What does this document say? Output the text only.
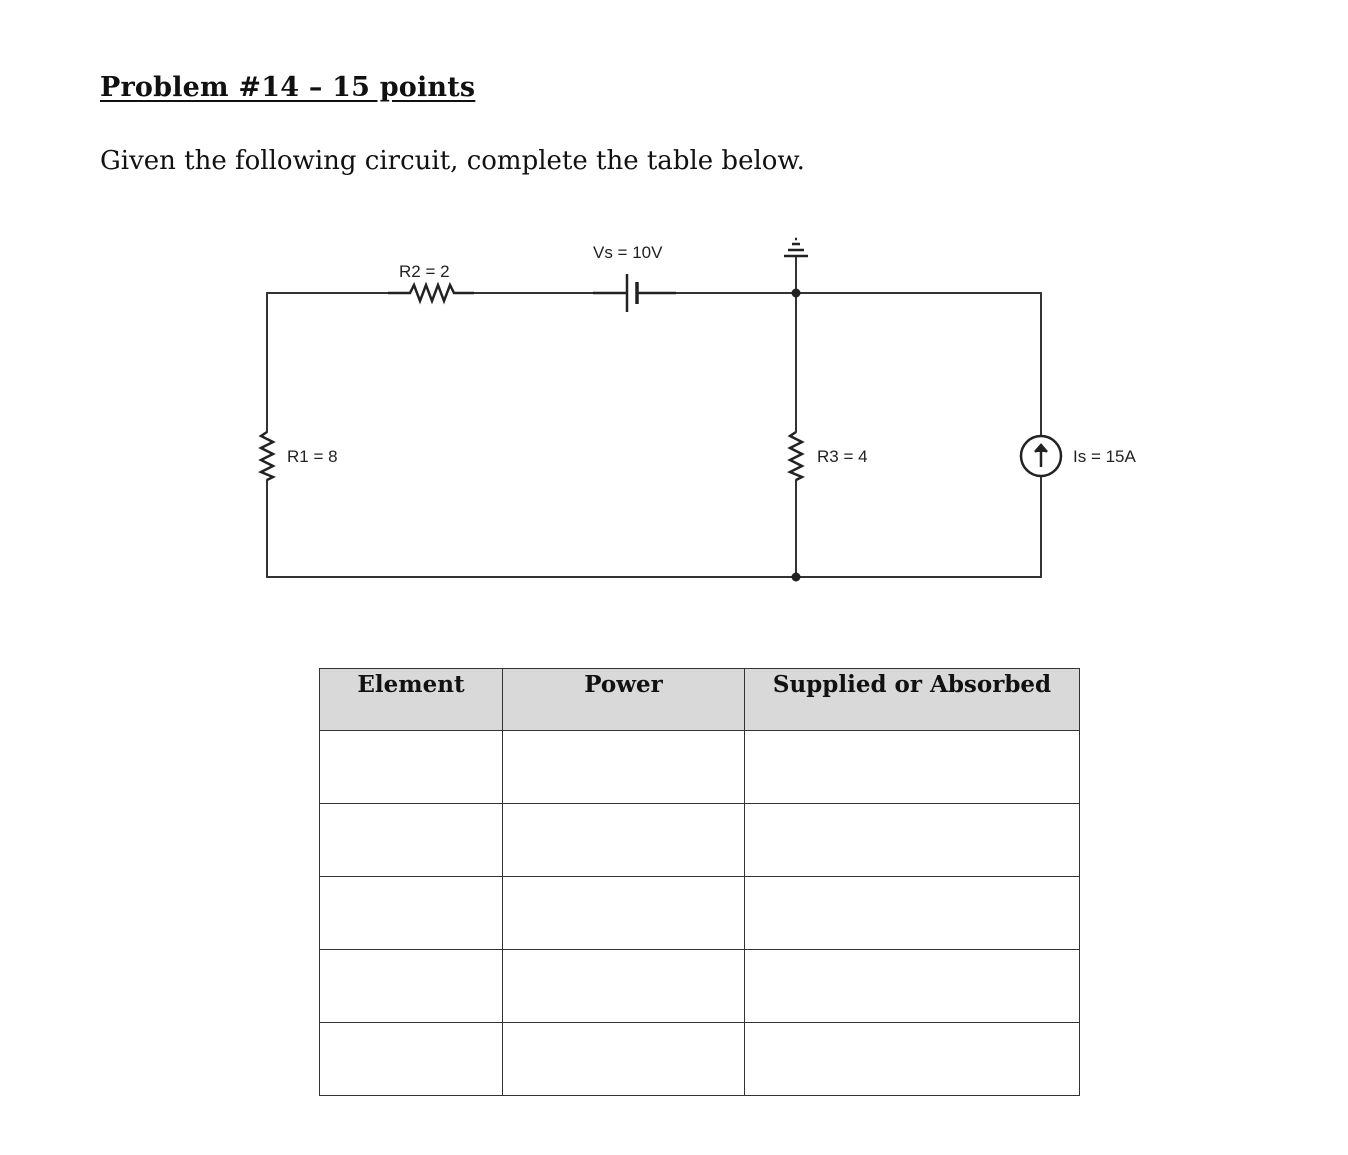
Problem #14 – 15 points
Given the following circuit, complete the table below.
R1 = 8
R2 = 2
Vs = 10V
R3 = 4	Is = 15A
Element	Power	Supplied or Absorbed
